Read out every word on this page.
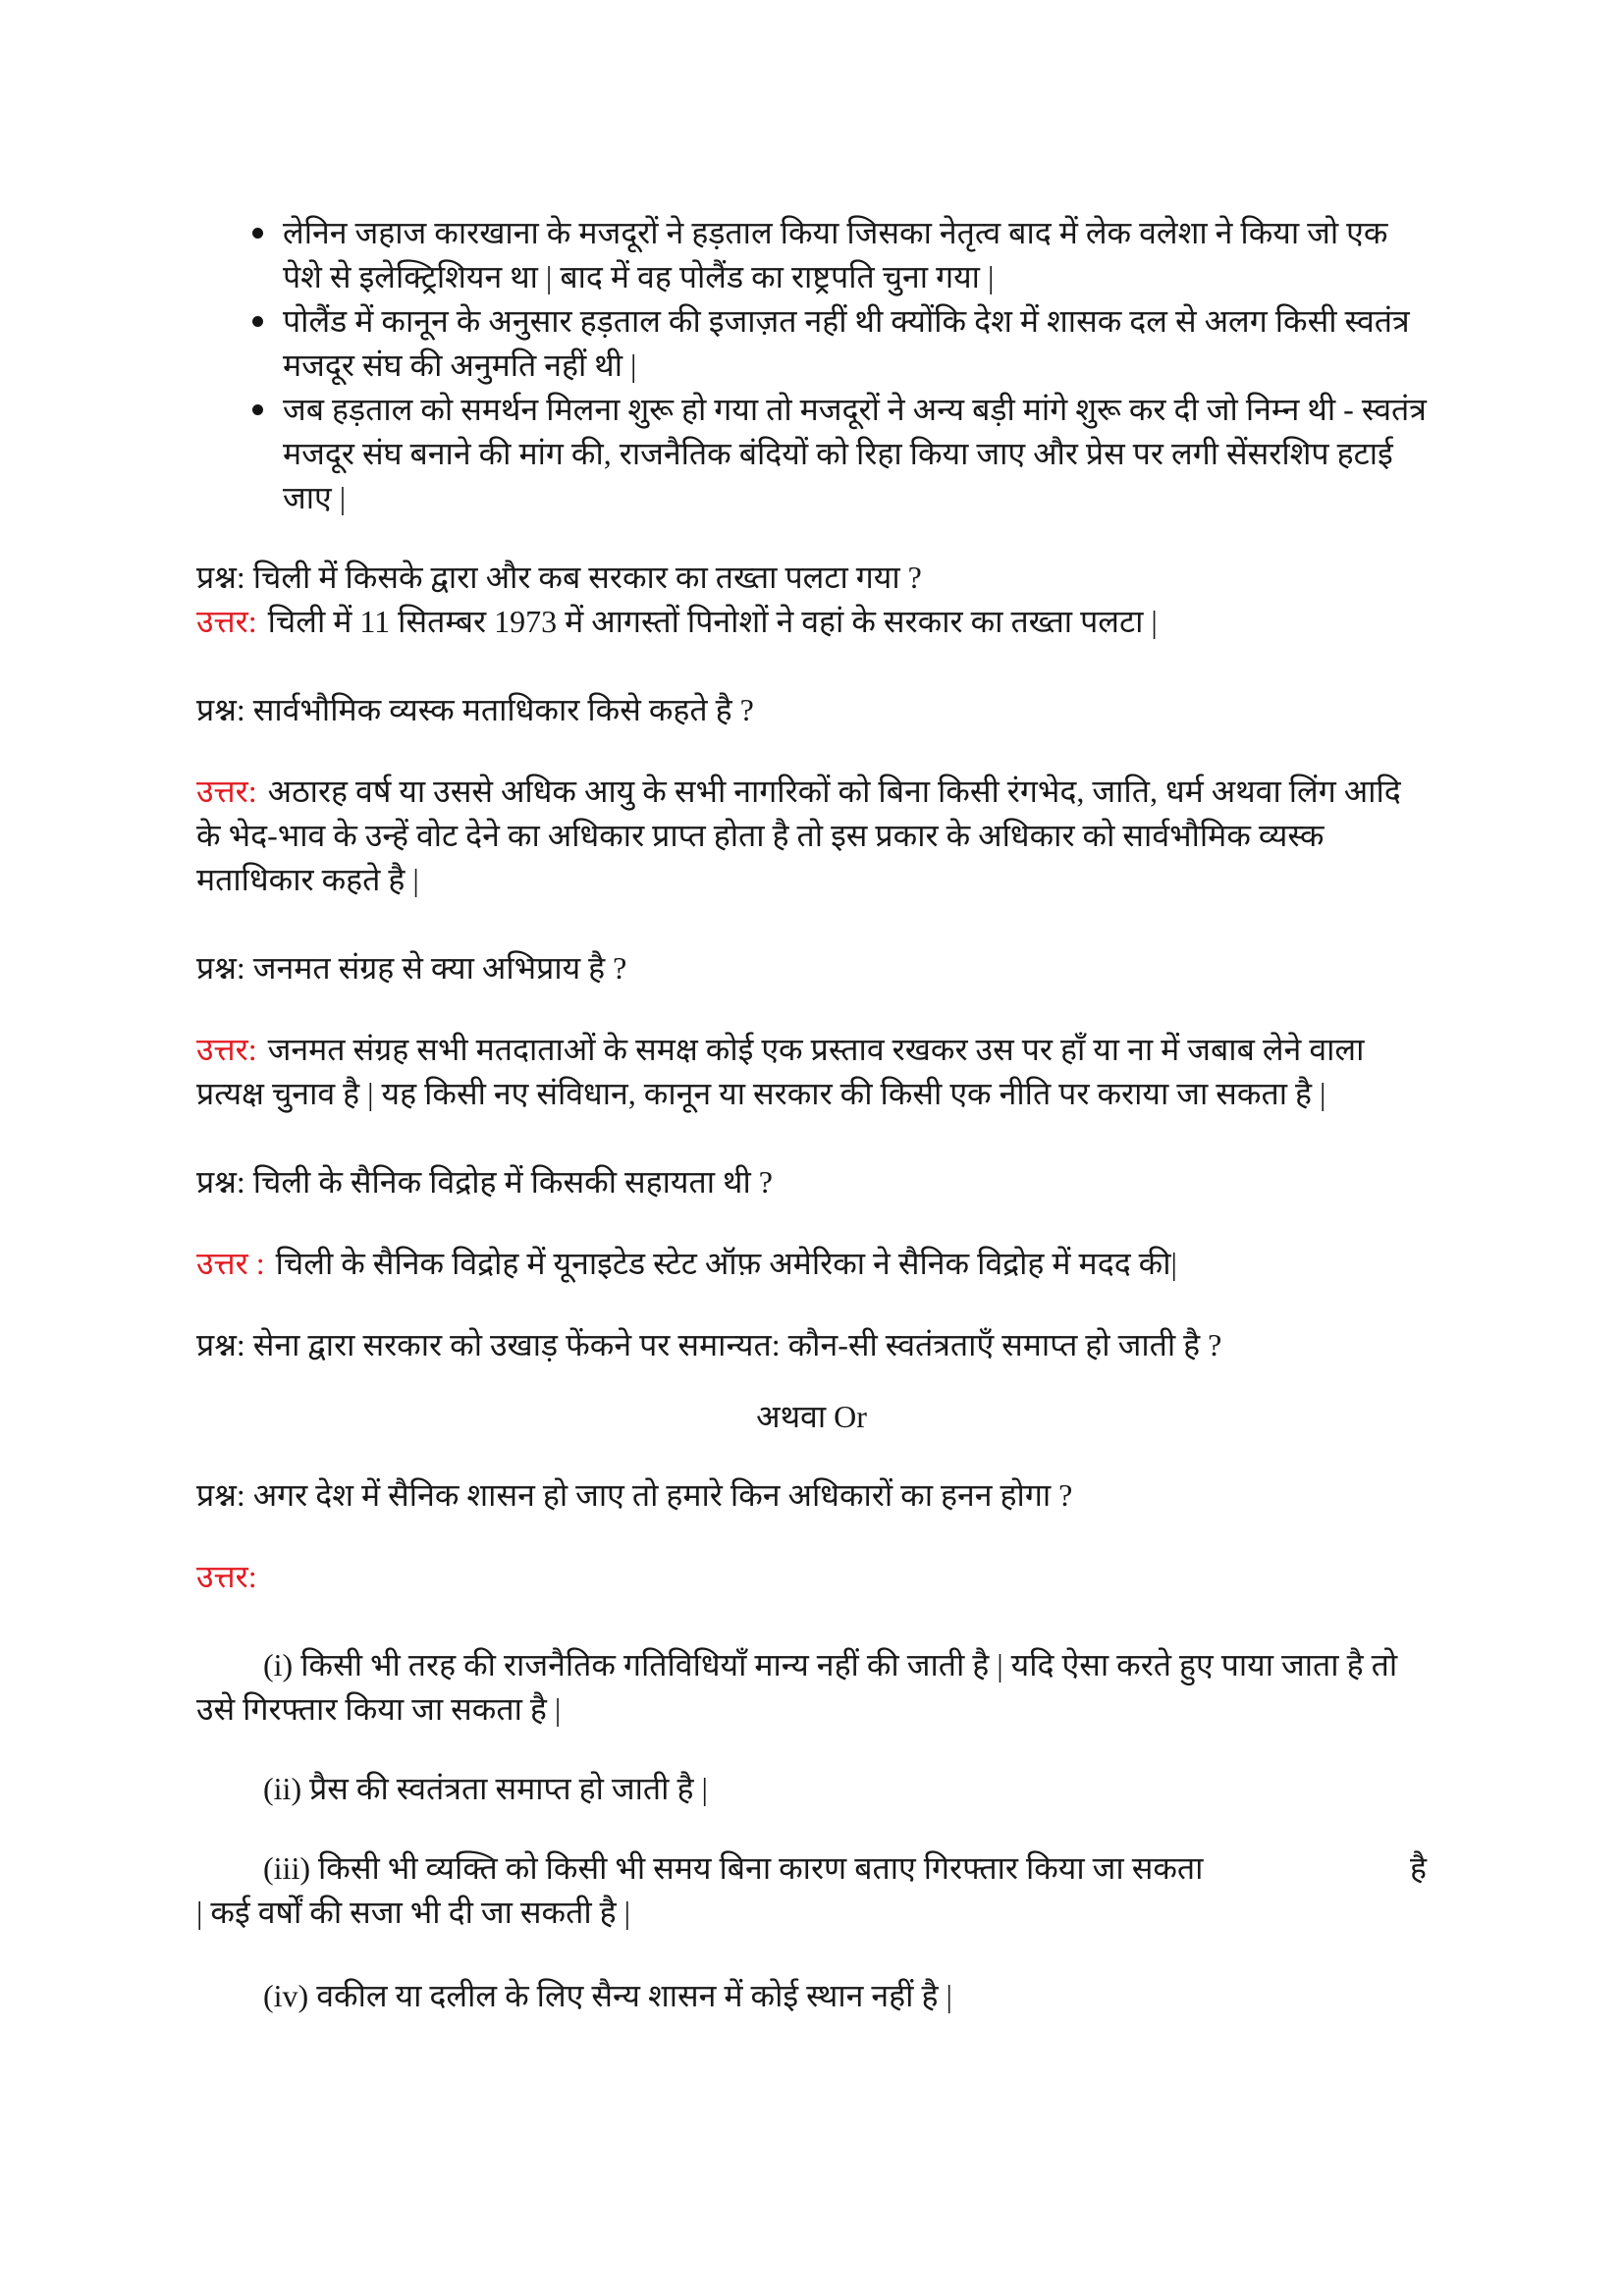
लेनिन जहाज कारखाना के मजदूरों ने हड़ताल किया जिसका नेतृत्व बाद में लेक वलेशा ने किया जो एक पेशे से इलेक्ट्रिशियन था | बाद में वह पोलैंड का राष्ट्रपति चुना गया |
पोलैंड में कानून के अनुसार हड़ताल की इजाज़त नहीं थी क्योंकि देश में शासक दल से अलग किसी स्वतंत्र मजदूर संघ की अनुमति नहीं थी |
जब हड़ताल को समर्थन मिलना शुरू हो गया तो मजदूरों ने अन्य बड़ी मांगे शुरू कर दी जो निम्न थी - स्वतंत्र मजदूर संघ बनाने की मांग की, राजनैतिक बंदियों को रिहा किया जाए और प्रेस पर लगी सेंसरशिप हटाई जाए |

प्रश्न: चिली में किसके द्वारा और कब सरकार का तख्ता पलटा गया ?

उत्तर: चिली में 11 सितम्बर 1973 में आगस्तों पिनोशों ने वहां के सरकार का तख्ता पलटा |

प्रश्न: सार्वभौमिक व्यस्क मताधिकार किसे कहते है ?

उत्तर: अठारह वर्ष या उससे अधिक आयु के सभी नागरिकों को बिना किसी रंगभेद, जाति, धर्म अथवा लिंग आदि के भेद-भाव के उन्हें वोट देने का अधिकार प्राप्त होता है तो इस प्रकार के अधिकार को सार्वभौमिक व्यस्क मताधिकार कहते है |

प्रश्न: जनमत संग्रह से क्या अभिप्राय है ?

उत्तर: जनमत संग्रह सभी मतदाताओं के समक्ष कोई एक प्रस्ताव रखकर उस पर हाँ या ना में जबाब लेने वाला प्रत्यक्ष चुनाव है | यह किसी नए संविधान, कानून या सरकार की किसी एक नीति पर कराया जा सकता है |

प्रश्न: चिली के सैनिक विद्रोह में किसकी सहायता थी ?

उत्तर : चिली के सैनिक विद्रोह में यूनाइटेड स्टेट ऑफ़ अमेरिका ने सैनिक विद्रोह में मदद की|

प्रश्न: सेना द्वारा सरकार को उखाड़ फेंकने पर समान्यत: कौन-सी स्वतंत्रताएँ समाप्त हो जाती है ?

अथवा Or

प्रश्न: अगर देश में सैनिक शासन हो जाए तो हमारे किन अधिकारों का हनन होगा ?

उत्तर:

(i) किसी भी तरह की राजनैतिक गतिविधियाँ मान्य नहीं की जाती है | यदि ऐसा करते हुए पाया जाता है तो उसे गिरफ्तार किया जा सकता है |

(ii) प्रैस की स्वतंत्रता समाप्त हो जाती है |

(iii) किसी भी व्यक्ति को किसी भी समय बिना कारण बताए गिरफ्तार किया जा सकता	है

| कई वर्षों की सजा भी दी जा सकती है |

(iv) वकील या दलील के लिए सैन्य शासन में कोई स्थान नहीं है |
